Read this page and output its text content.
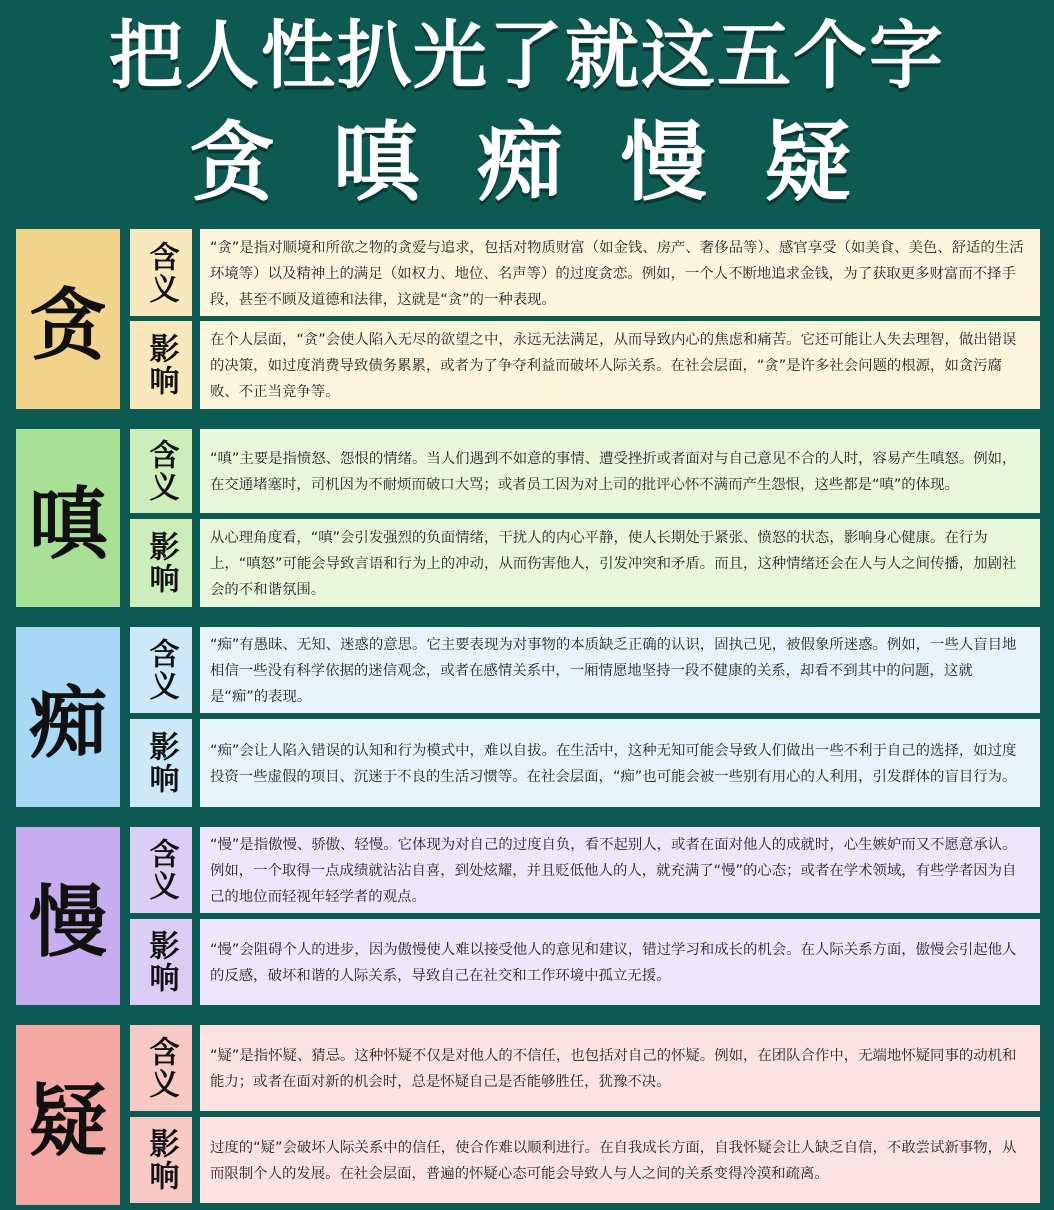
把人性扒光了就这五个字
贪 嗔 痴 慢 疑
贪
含义	“贪”是指对顺境和所欲之物的贪爱与追求，包括对物质财富（如金钱、房产、奢侈品等）、感官享受（如美食、美色、舒适的生活环境等）以及精神上的满足（如权力、地位、名声等）的过度贪恋。例如，一个人不断地追求金钱，为了获取更多财富而不择手段，甚至不顾及道德和法律，这就是“贪”的一种表现。
影响	在个人层面，“贪”会使人陷入无尽的欲望之中，永远无法满足，从而导致内心的焦虑和痛苦。它还可能让人失去理智，做出错误的决策，如过度消费导致债务累累，或者为了争夺利益而破坏人际关系。在社会层面，“贪”是许多社会问题的根源，如贪污腐败、不正当竞争等。
嗔
含义	“嗔”主要是指愤怒、怨恨的情绪。当人们遇到不如意的事情、遭受挫折或者面对与自己意见不合的人时，容易产生嗔怒。例如，在交通堵塞时，司机因为不耐烦而破口大骂；或者员工因为对上司的批评心怀不满而产生怨恨，这些都是“嗔”的体现。
影响	从心理角度看，“嗔”会引发强烈的负面情绪，干扰人的内心平静，使人长期处于紧张、愤怒的状态，影响身心健康。在行为上，“嗔怒”可能会导致言语和行为上的冲动，从而伤害他人，引发冲突和矛盾。而且，这种情绪还会在人与人之间传播，加剧社会的不和谐氛围。
痴
含义	“痴”有愚昧、无知、迷惑的意思。它主要表现为对事物的本质缺乏正确的认识，固执己见，被假象所迷惑。例如，一些人盲目地相信一些没有科学依据的迷信观念，或者在感情关系中，一厢情愿地坚持一段不健康的关系，却看不到其中的问题，这就是“痴”的表现。
影响	“痴”会让人陷入错误的认知和行为模式中，难以自拔。在生活中，这种无知可能会导致人们做出一些不利于自己的选择，如过度投资一些虚假的项目、沉迷于不良的生活习惯等。在社会层面，“痴”也可能会被一些别有用心的人利用，引发群体的盲目行为。
慢
含义	“慢”是指傲慢、骄傲、轻慢。它体现为对自己的过度自负，看不起别人，或者在面对他人的成就时，心生嫉妒而又不愿意承认。例如，一个取得一点成绩就沾沾自喜，到处炫耀，并且贬低他人的人，就充满了“慢”的心态；或者在学术领域，有些学者因为自己的地位而轻视年轻学者的观点。
影响	“慢”会阻碍个人的进步，因为傲慢使人难以接受他人的意见和建议，错过学习和成长的机会。在人际关系方面，傲慢会引起他人的反感，破坏和谐的人际关系，导致自己在社交和工作环境中孤立无援。
疑
含义	“疑”是指怀疑、猜忌。这种怀疑不仅是对他人的不信任，也包括对自己的怀疑。例如，在团队合作中，无端地怀疑同事的动机和能力；或者在面对新的机会时，总是怀疑自己是否能够胜任，犹豫不决。
影响	过度的“疑”会破坏人际关系中的信任，使合作难以顺利进行。在自我成长方面，自我怀疑会让人缺乏自信，不敢尝试新事物，从而限制个人的发展。在社会层面，普遍的怀疑心态可能会导致人与人之间的关系变得冷漠和疏离。
